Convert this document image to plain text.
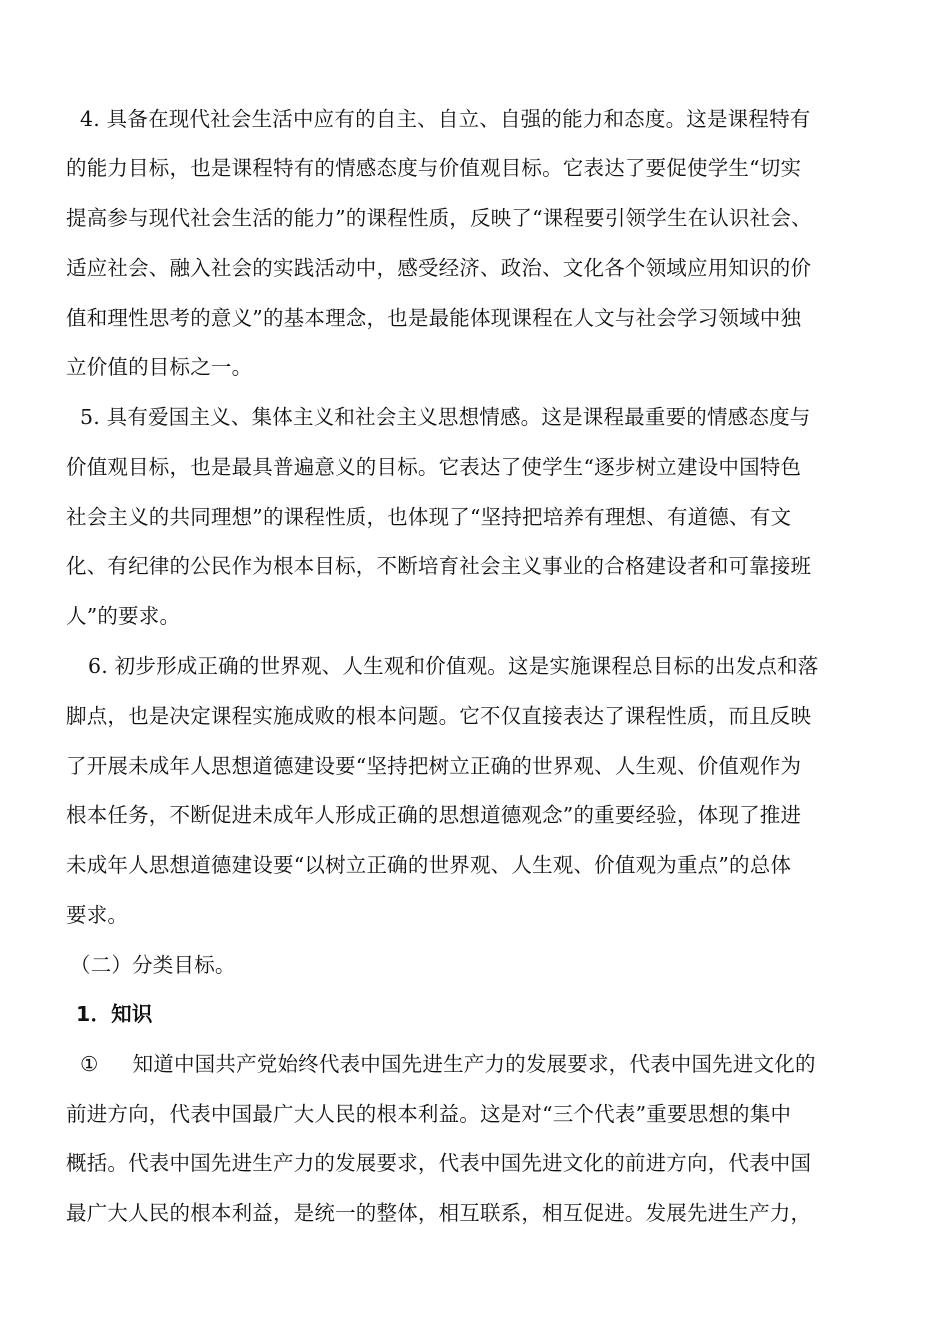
4. 具备在现代社会生活中应有的自主、自立、自强的能力和态度。这是课程特有
的能力目标，也是课程特有的情感态度与价值观目标。它表达了要促使学生“切实
提高参与现代社会生活的能力”的课程性质，反映了“课程要引领学生在认识社会、
适应社会、融入社会的实践活动中，感受经济、政治、文化各个领域应用知识的价
值和理性思考的意义”的基本理念，也是最能体现课程在人文与社会学习领域中独
立价值的目标之一。
5. 具有爱国主义、集体主义和社会主义思想情感。这是课程最重要的情感态度与
价值观目标，也是最具普遍意义的目标。它表达了使学生“逐步树立建设中国特色
社会主义的共同理想”的课程性质，也体现了“坚持把培养有理想、有道德、有文
化、有纪律的公民作为根本目标，不断培育社会主义事业的合格建设者和可靠接班
人”的要求。
6. 初步形成正确的世界观、人生观和价值观。这是实施课程总目标的出发点和落
脚点，也是决定课程实施成败的根本问题。它不仅直接表达了课程性质，而且反映
了开展未成年人思想道德建设要“坚持把树立正确的世界观、人生观、价值观作为
根本任务，不断促进未成年人形成正确的思想道德观念”的重要经验，体现了推进
未成年人思想道德建设要“以树立正确的世界观、人生观、价值观为重点”的总体
要求。
（二）分类目标。
1．知识
① 知道中国共产党始终代表中国先进生产力的发展要求，代表中国先进文化的
前进方向，代表中国最广大人民的根本利益。这是对“三个代表”重要思想的集中
概括。代表中国先进生产力的发展要求，代表中国先进文化的前进方向，代表中国
最广大人民的根本利益，是统一的整体，相互联系，相互促进。发展先进生产力，
